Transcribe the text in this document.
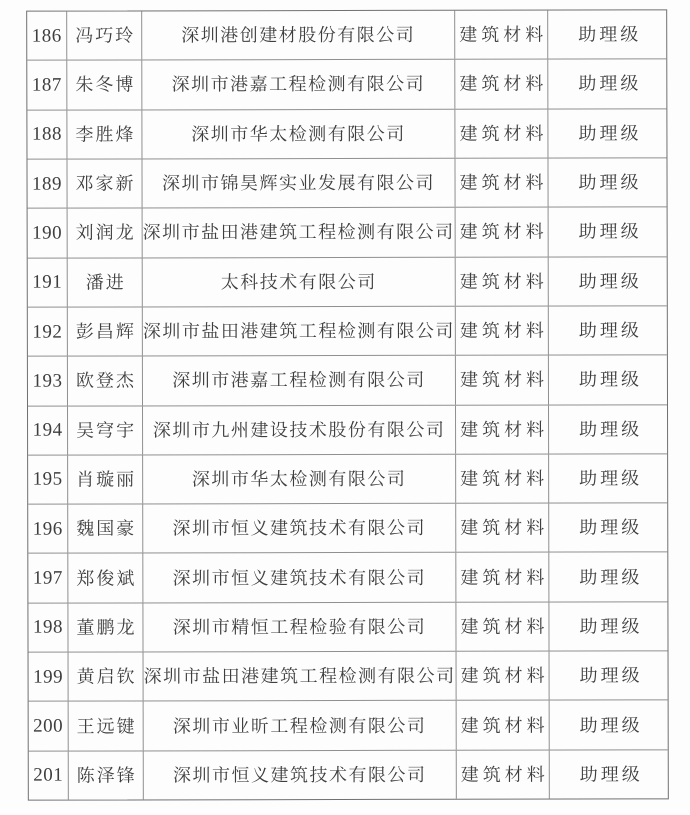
186 冯巧玲	深圳港创建材股份有限公司	建筑材料	助理级
187 朱冬博	深圳市港嘉工程检测有限公司	建筑材料	助理级
188 李胜烽	深圳市华太检测有限公司	建筑材料	助理级
189 邓家新	深圳市锦昊辉实业发展有限公司	建筑材料	助理级
190 刘润龙 深圳市盐田港建筑工程检测有限公司 建筑材料	助理级
191	潘进	太科技术有限公司	建筑材料	助理级
192 彭昌辉 深圳市盐田港建筑工程检测有限公司 建筑材料	助理级
193 欧登杰	深圳市港嘉工程检测有限公司	建筑材料	助理级
194 吴穹宇 深圳市九州建设技术股份有限公司 建筑材料	助理级
195 肖璇丽	深圳市华太检测有限公司	建筑材料	助理级
196 魏国豪	深圳市恒义建筑技术有限公司	建筑材料	助理级
197 郑俊斌	深圳市恒义建筑技术有限公司	建筑材料	助理级
198 董鹏龙	深圳市精恒工程检验有限公司	建筑材料	助理级
199 黄启钦 深圳市盐田港建筑工程检测有限公司 建筑材料	助理级
200 王远键	深圳市业昕工程检测有限公司	建筑材料	助理级
201 陈泽锋	深圳市恒义建筑技术有限公司	建筑材料	助理级
